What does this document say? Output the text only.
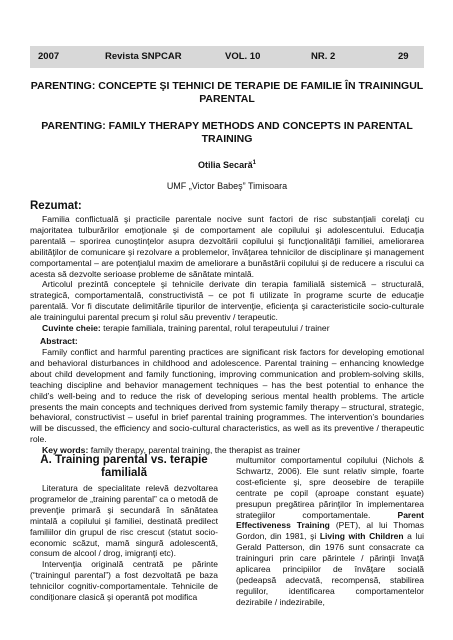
2007	Revista SNPCAR	VOL. 10	NR. 2	29
PARENTING: CONCEPTE ŞI TEHNICI DE TERAPIE DE FAMILIE ÎN TRAININGUL PARENTAL
PARENTING: FAMILY THERAPY METHODS AND CONCEPTS IN PARENTAL TRAINING
Otilia Secară$^1$
UMF „Victor Babeş” Timisoara
Rezumat:

Familia conflictuală şi practicile parentale nocive sunt factori de risc substanţiali corelaţi cu majoritatea tulburărilor emoţionale şi de comportament ale copilului şi adolescentului. Educaţia parentală – sporirea cunoştinţelor asupra dezvoltării copilului şi funcţionalităţii familiei, ameliorarea abilităţilor de comunicare şi rezolvare a problemelor, învăţarea tehnicilor de disciplinare şi management comportamental – are potenţialul maxim de ameliorare a bunăstării copilului şi de reducere a riscului ca acesta să dezvolte serioase probleme de sănătate mintală.

Articolul prezintă conceptele şi tehnicile derivate din terapia familială sistemică – structurală, strategică, comportamentală, constructivistă – ce pot fi utilizate în programe scurte de educaţie parentală. Vor fi discutate delimitările tipurilor de intervenţie, eficienţa şi caracteristicile socio-culturale ale trainingului parental precum şi rolul său preventiv / terapeutic.

Cuvinte cheie: terapie familiala, training parental, rolul terapeutului / trainer

Abstract:

Family conflict and harmful parenting practices are significant risk factors for developing emotional and behavioral disturbances in childhood and adolescence. Parental training – enhancing knowledge about child development and family functioning, improving communication and problem-solving skills, teaching discipline and behavior management techniques – has the best potential to enhance the child’s well-being and to reduce the risk of developing serious mental health problems. The article presents the main concepts and techniques derived from systemic family therapy – structural, strategic, behavioral, constructivist – useful in brief parental training programmes. The intervention’s boundaries will be discussed, the efficiency and socio-cultural characteristics, as well as its preventive / therapeutic role.

Key words: family therapy, parental training, the therapist as trainer

A. Training parental vs. terapie familială

Literatura de specialitate relevă dezvoltarea programelor de „training parental” ca o metodă de prevenţie primară şi secundară în sănătatea mintală a copilului şi familiei, destinată predilect familiilor din grupul de risc crescut (statut socio-economic scăzut, mamă singură adolescentă, consum de alcool / drog, imigranţi etc).

Intervenţia originală centrată pe părinte (“trainingul parental”) a fost dezvoltată pe baza tehnicilor cognitiv-comportamentale. Tehnicile de condiţionare clasică şi operantă pot modifica

multumitor comportamentul copilului (Nichols & Schwartz, 2006). Ele sunt relativ simple, foarte cost-eficiente şi, spre deosebire de terapiile centrate pe copil (aproape constant eşuate) presupun pregătirea părinţilor în implementarea strategiilor comportamentale. Parent Effectiveness Training (PET), al lui Thomas Gordon, din 1981, şi Living with Children a lui Gerald Patterson, din 1976 sunt consacrate ca traininguri prin care părintele / părinţii învaţă aplicarea principiilor de învăţare socială (pedeapsă adecvată, recompensă, stabilirea regulilor, identificarea comportamentelor dezirabile / indezirabile,
